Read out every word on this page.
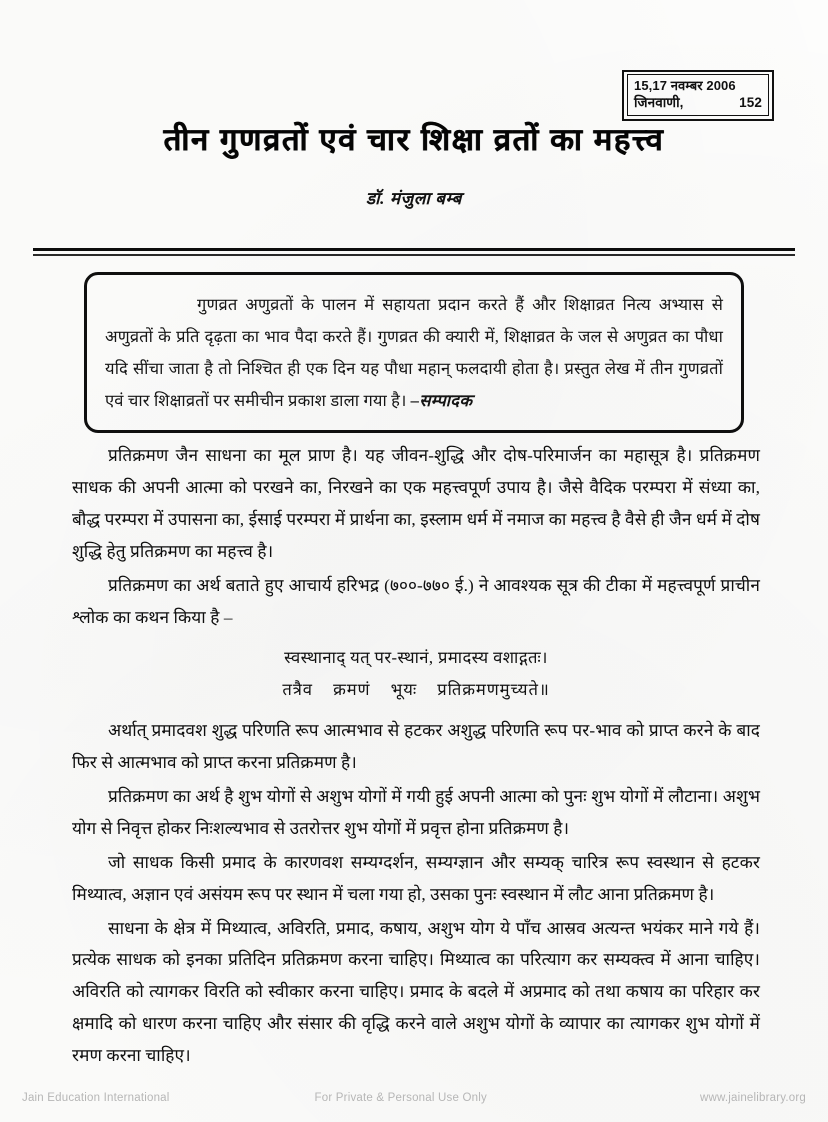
15,17 नवम्बर 2006
जिनवाणी,	152
तीन गुणव्रतों एवं चार शिक्षा व्रतों का महत्त्व
डॉ. मंजुला बम्ब

गुणव्रत अणुव्रतों के पालन में सहायता प्रदान करते हैं और शिक्षाव्रत नित्य अभ्यास से अणुव्रतों के प्रति दृढ़ता का भाव पैदा करते हैं। गुणव्रत की क्यारी में, शिक्षाव्रत के जल से अणुव्रत का पौधा यदि सींचा जाता है तो निश्चित ही एक दिन यह पौधा महान् फलदायी होता है। प्रस्तुत लेख में तीन गुणव्रतों एवं चार शिक्षाव्रतों पर समीचीन प्रकाश डाला गया है। –सम्पादक

प्रतिक्रमण जैन साधना का मूल प्राण है। यह जीवन-शुद्धि और दोष-परिमार्जन का महासूत्र है। प्रतिक्रमण साधक की अपनी आत्मा को परखने का, निरखने का एक महत्त्वपूर्ण उपाय है। जैसे वैदिक परम्परा में संध्या का, बौद्ध परम्परा में उपासना का, ईसाई परम्परा में प्रार्थना का, इस्लाम धर्म में नमाज का महत्त्व है वैसे ही जैन धर्म में दोष शुद्धि हेतु प्रतिक्रमण का महत्त्व है।

प्रतिक्रमण का अर्थ बताते हुए आचार्य हरिभद्र (७००-७७० ई.) ने आवश्यक सूत्र की टीका में महत्त्वपूर्ण प्राचीन श्लोक का कथन किया है –

स्वस्थानाद् यत् पर-स्थानं, प्रमादस्य वशाद्गतः।
तत्रैव    क्रमणं    भूयः    प्रतिक्रमणमुच्यते॥

अर्थात् प्रमादवश शुद्ध परिणति रूप आत्मभाव से हटकर अशुद्ध परिणति रूप पर-भाव को प्राप्त करने के बाद फिर से आत्मभाव को प्राप्त करना प्रतिक्रमण है।

प्रतिक्रमण का अर्थ है शुभ योगों से अशुभ योगों में गयी हुई अपनी आत्मा को पुनः शुभ योगों में लौटाना। अशुभ योग से निवृत्त होकर निःशल्यभाव से उतरोत्तर शुभ योगों में प्रवृत्त होना प्रतिक्रमण है।

जो साधक किसी प्रमाद के कारणवश सम्यग्दर्शन, सम्यग्ज्ञान और सम्यक् चारित्र रूप स्वस्थान से हटकर मिथ्यात्व, अज्ञान एवं असंयम रूप पर स्थान में चला गया हो, उसका पुनः स्वस्थान में लौट आना प्रतिक्रमण है।

साधना के क्षेत्र में मिथ्यात्व, अविरति, प्रमाद, कषाय, अशुभ योग ये पाँच आस्रव अत्यन्त भयंकर माने गये हैं। प्रत्येक साधक को इनका प्रतिदिन प्रतिक्रमण करना चाहिए। मिथ्यात्व का परित्याग कर सम्यक्त्व में आना चाहिए। अविरति को त्यागकर विरति को स्वीकार करना चाहिए। प्रमाद के बदले में अप्रमाद को तथा कषाय का परिहार कर क्षमादि को धारण करना चाहिए और संसार की वृद्धि करने वाले अशुभ योगों के व्यापार का त्यागकर शुभ योगों में रमण करना चाहिए।

Jain Education International	For Private & Personal Use Only	www.jainelibrary.org
